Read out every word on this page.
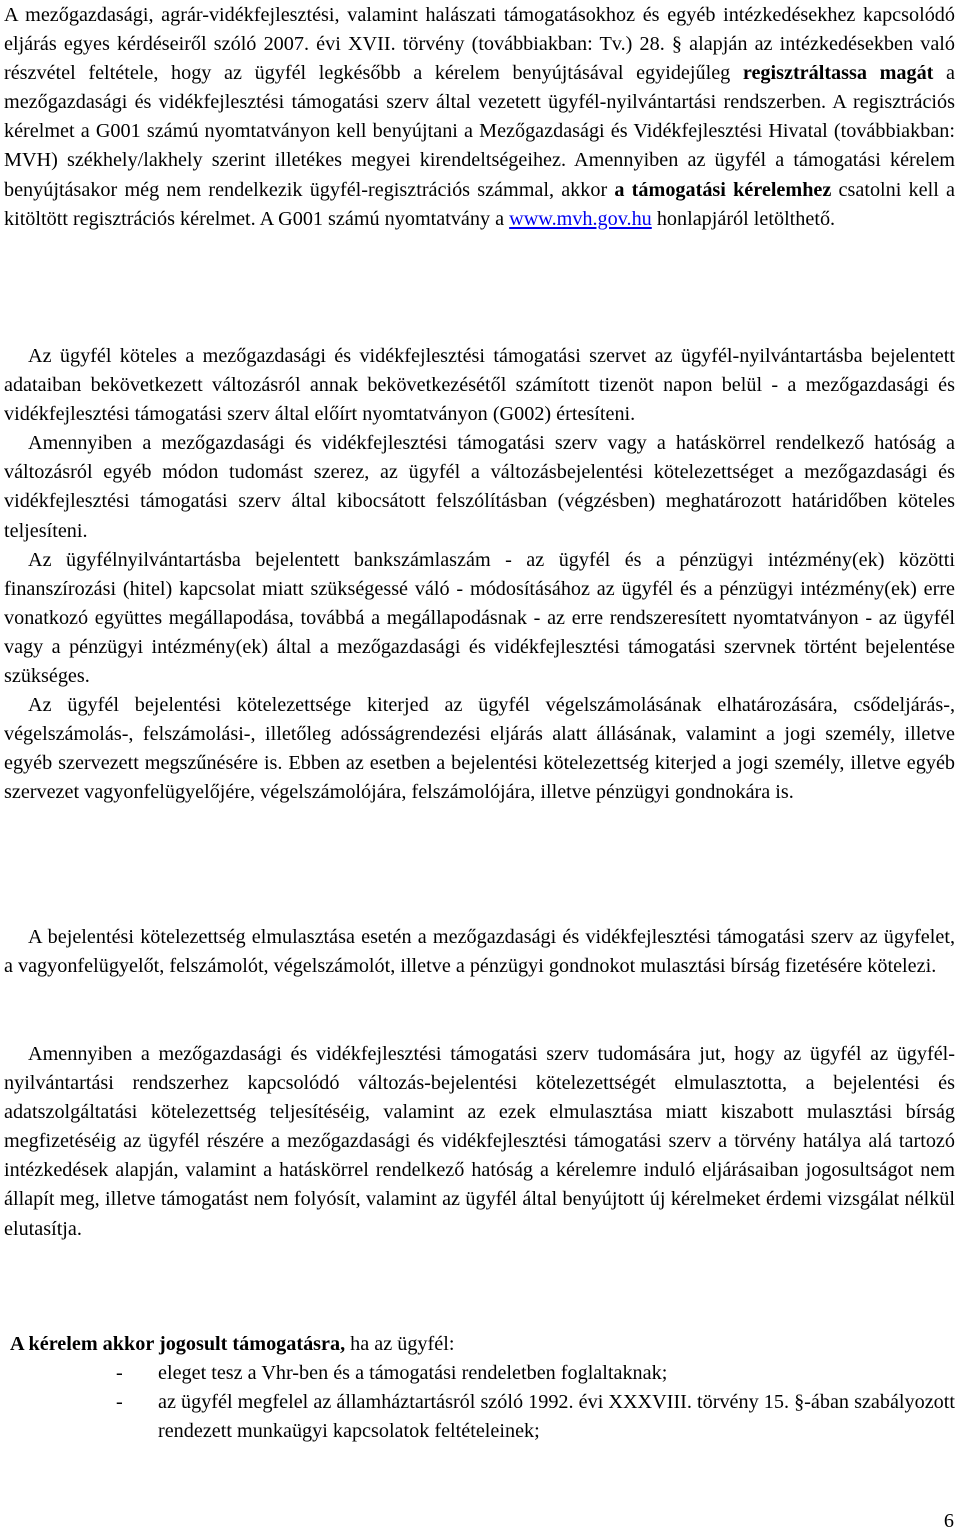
A mezőgazdasági, agrár-vidékfejlesztési, valamint halászati támogatásokhoz és egyéb intézkedésekhez kapcsolódó eljárás egyes kérdéseiről szóló 2007. évi XVII. törvény (továbbiakban: Tv.) 28. § alapján az intézkedésekben való részvétel feltétele, hogy az ügyfél legkésőbb a kérelem benyújtásával egyidejűleg regisztráltassa magát a mezőgazdasági és vidékfejlesztési támogatási szerv által vezetett ügyfél-nyilvántartási rendszerben. A regisztrációs kérelmet a G001 számú nyomtatványon kell benyújtani a Mezőgazdasági és Vidékfejlesztési Hivatal (továbbiakban: MVH) székhely/lakhely szerint illetékes megyei kirendeltségeihez. Amennyiben az ügyfél a támogatási kérelem benyújtásakor még nem rendelkezik ügyfél-regisztrációs számmal, akkor a támogatási kérelemhez csatolni kell a kitöltött regisztrációs kérelmet. A G001 számú nyomtatvány a www.mvh.gov.hu honlapjáról letölthető.

Az ügyfél köteles a mezőgazdasági és vidékfejlesztési támogatási szervet az ügyfél-nyilvántartásba bejelentett adataiban bekövetkezett változásról annak bekövetkezésétől számított tizenöt napon belül - a mezőgazdasági és vidékfejlesztési támogatási szerv által előírt nyomtatványon (G002) értesíteni.

Amennyiben a mezőgazdasági és vidékfejlesztési támogatási szerv vagy a hatáskörrel rendelkező hatóság a változásról egyéb módon tudomást szerez, az ügyfél a változásbejelentési kötelezettséget a mezőgazdasági és vidékfejlesztési támogatási szerv által kibocsátott felszólításban (végzésben) meghatározott határidőben köteles teljesíteni.

Az ügyfélnyilvántartásba bejelentett bankszámlaszám - az ügyfél és a pénzügyi intézmény(ek) közötti finanszírozási (hitel) kapcsolat miatt szükségessé váló - módosításához az ügyfél és a pénzügyi intézmény(ek) erre vonatkozó együttes megállapodása, továbbá a megállapodásnak - az erre rendszeresített nyomtatványon - az ügyfél vagy a pénzügyi intézmény(ek) által a mezőgazdasági és vidékfejlesztési támogatási szervnek történt bejelentése szükséges.

Az ügyfél bejelentési kötelezettsége kiterjed az ügyfél végelszámolásának elhatározására, csődeljárás-, végelszámolás-, felszámolási-, illetőleg adósságrendezési eljárás alatt állásának, valamint a jogi személy, illetve egyéb szervezett megszűnésére is. Ebben az esetben a bejelentési kötelezettség kiterjed a jogi személy, illetve egyéb szervezet vagyonfelügyelőjére, végelszámolójára, felszámolójára, illetve pénzügyi gondnokára is.

A bejelentési kötelezettség elmulasztása esetén a mezőgazdasági és vidékfejlesztési támogatási szerv az ügyfelet, a vagyonfelügyelőt, felszámolót, végelszámolót, illetve a pénzügyi gondnokot mulasztási bírság fizetésére kötelezi.

Amennyiben a mezőgazdasági és vidékfejlesztési támogatási szerv tudomására jut, hogy az ügyfél az ügyfél-nyilvántartási rendszerhez kapcsolódó változás-bejelentési kötelezettségét elmulasztotta, a bejelentési és adatszolgáltatási kötelezettség teljesítéséig, valamint az ezek elmulasztása miatt kiszabott mulasztási bírság megfizetéséig az ügyfél részére a mezőgazdasági és vidékfejlesztési támogatási szerv a törvény hatálya alá tartozó intézkedések alapján, valamint a hatáskörrel rendelkező hatóság a kérelemre induló eljárásaiban jogosultságot nem állapít meg, illetve támogatást nem folyósít, valamint az ügyfél által benyújtott új kérelmeket érdemi vizsgálat nélkül elutasítja.

A kérelem akkor jogosult támogatásra, ha az ügyfél:

- eleget tesz a Vhr-ben és a támogatási rendeletben foglaltaknak;
- az ügyfél megfelel az államháztartásról szóló 1992. évi XXXVIII. törvény 15. §-ában szabályozott rendezett munkaügyi kapcsolatok feltételeinek;
6
